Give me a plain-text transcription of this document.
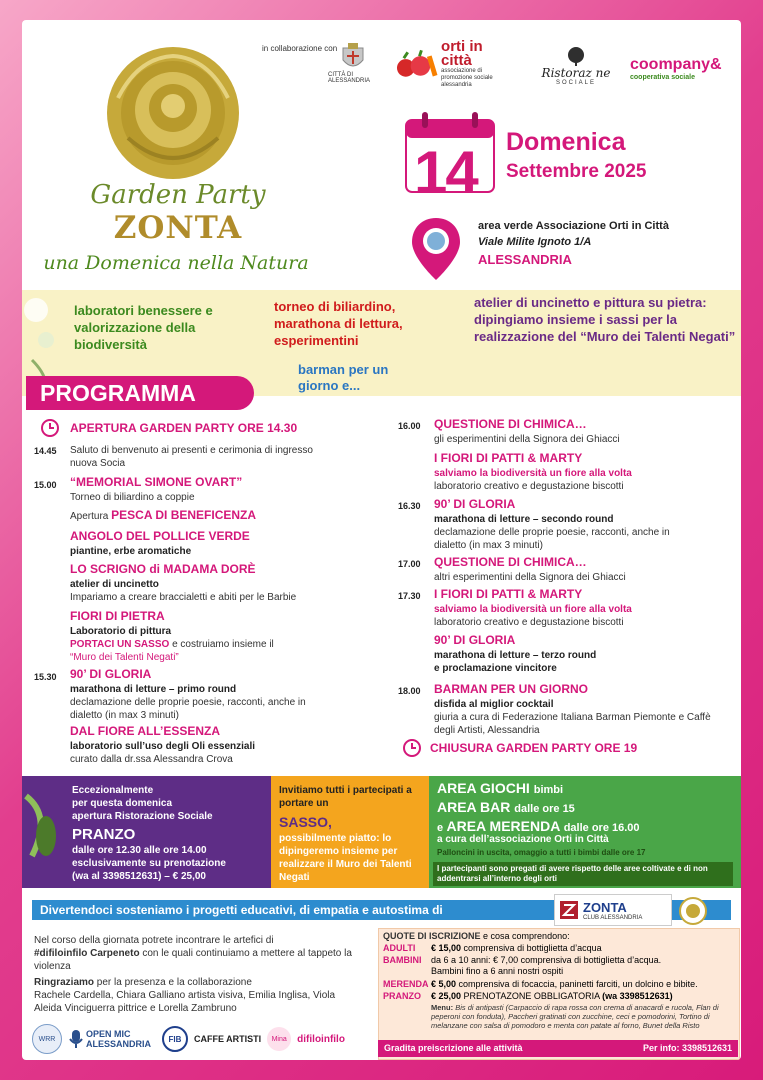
Garden Party
ZONTA
una Domenica nella Natura
in collaborazione con
CITTÀ DI ALESSANDRIA
orti in città
associazione di promozione sociale alessandria
Ristoraz ne
SOCIALE
coompany&
cooperativa sociale
14 Domenica
Settembre 2025
area verde Associazione Orti in Città
Viale Milite Ignoto 1/A
ALESSANDRIA
laboratori benessere e valorizzazione della biodiversità
torneo di biliardino, marathona di lettura, esperimentini
barman per un giorno e...
atelier di uncinetto e pittura su pietra: dipingiamo insieme i sassi per la realizzazione del “Muro dei Talenti Negati”
PROGRAMMA
APERTURA GARDEN PARTY ORE 14.30
14.45 Saluto di benvenuto ai presenti e cerimonia di ingresso nuova Socia
15.00 “MEMORIAL SIMONE OVART”
Torneo di biliardino a coppie
Apertura PESCA DI BENEFICENZA
ANGOLO DEL POLLICE VERDE
piantine, erbe aromatiche
LO SCRIGNO di MADAMA DORÈ
atelier di uncinetto
Impariamo a creare braccialetti e abiti per le Barbie
FIORI DI PIETRA
Laboratorio di pittura
PORTACI UN SASSO e costruiamo insieme il
“Muro dei Talenti Negati”
15.30 90’ DI GLORIA
marathona di letture – primo round
declamazione delle proprie poesie, racconti, anche in dialetto (in max 3 minuti)
DAL FIORE ALL’ESSENZA
laboratorio sull’uso degli Oli essenziali
curato dalla dr.ssa Alessandra Crova
16.00 QUESTIONE DI CHIMICA…
gli esperimentini della Signora dei Ghiacci
I FIORI DI PATTI & MARTY
salviamo la biodiversità un fiore alla volta
laboratorio creativo e degustazione biscotti
16.30 90’ DI GLORIA
marathona di letture – secondo round
declamazione delle proprie poesie, racconti, anche in dialetto (in max 3 minuti)
17.00 QUESTIONE DI CHIMICA…
altri esperimentini della Signora dei Ghiacci
17.30 I FIORI DI PATTI & MARTY
salviamo la biodiversità un fiore alla volta
laboratorio creativo e degustazione biscotti
90’ DI GLORIA
marathona di letture – terzo round
e proclamazione vincitore
18.00 BARMAN PER UN GIORNO
disfida al miglior cocktail
giuria a cura di Federazione Italiana Barman Piemonte e Caffè degli Artisti, Alessandria
CHIUSURA GARDEN PARTY ORE 19
Eccezionalmente
per questa domenica
apertura Ristorazione Sociale
PRANZO
dalle ore 12.30 alle ore 14.00
esclusivamente su prenotazione
(wa al 3398512631) – € 25,00
Invitiamo tutti i partecipati a portare un
SASSO,
possibilmente piatto: lo dipingeremo insieme per realizzare il Muro dei Talenti Negati
AREA GIOCHI bimbi
AREA BAR dalle ore 15
e AREA MERENDA dalle ore 16.00
a cura dell’associazione Orti in Città
Palloncini in uscita, omaggio a tutti i bimbi dalle ore 17
I partecipanti sono pregati di avere rispetto delle aree coltivate e di non addentrarsi all’interno degli orti
Divertendoci sosteniamo i progetti educativi, di empatia e autostima di	ZONTA
CLUB ALESSANDRIA
Nel corso della giornata potrete incontrare le artefici di
#difiloinfilo Carpeneto con le quali continuiamo a mettere al tappeto la violenza
Ringraziamo per la presenza e la collaborazione
Rachele Cardella, Chiara Galliano artista visiva, Emilia Inglisa, Viola Aleida Vinciguerra pittrice e Lorella Zambruno
WRR	OPEN MIC ALESSANDRIA	FIB	CAFFE ARTISTI	Mina	difiloinfilo
QUOTE DI ISCRIZIONE e cosa comprendono:
ADULTI € 15,00 comprensiva di bottiglietta d’acqua
BAMBINI da 6 a 10 anni: € 7,00 comprensiva di bottiglietta d’acqua.
Bambini fino a 6 anni nostri ospiti
MERENDA € 5,00 comprensiva di focaccia, paninetti farciti, un dolcino e bibite.
PRANZO € 25,00 PRENOTAZONE OBBLIGATORIA (wa 3398512631)
Menu: Bis di antipasti (Carpaccio di rapa rossa con crema di anacardi e rucola, Flan di peperoni con fonduta), Paccheri gratinati con zucchine, ceci e pomodorini, Tortino di melanzane con salsa di pomodoro e menta con patate al forno, Bunet della Risto
Gradita preiscrizione alle attività	Per info: 3398512631
